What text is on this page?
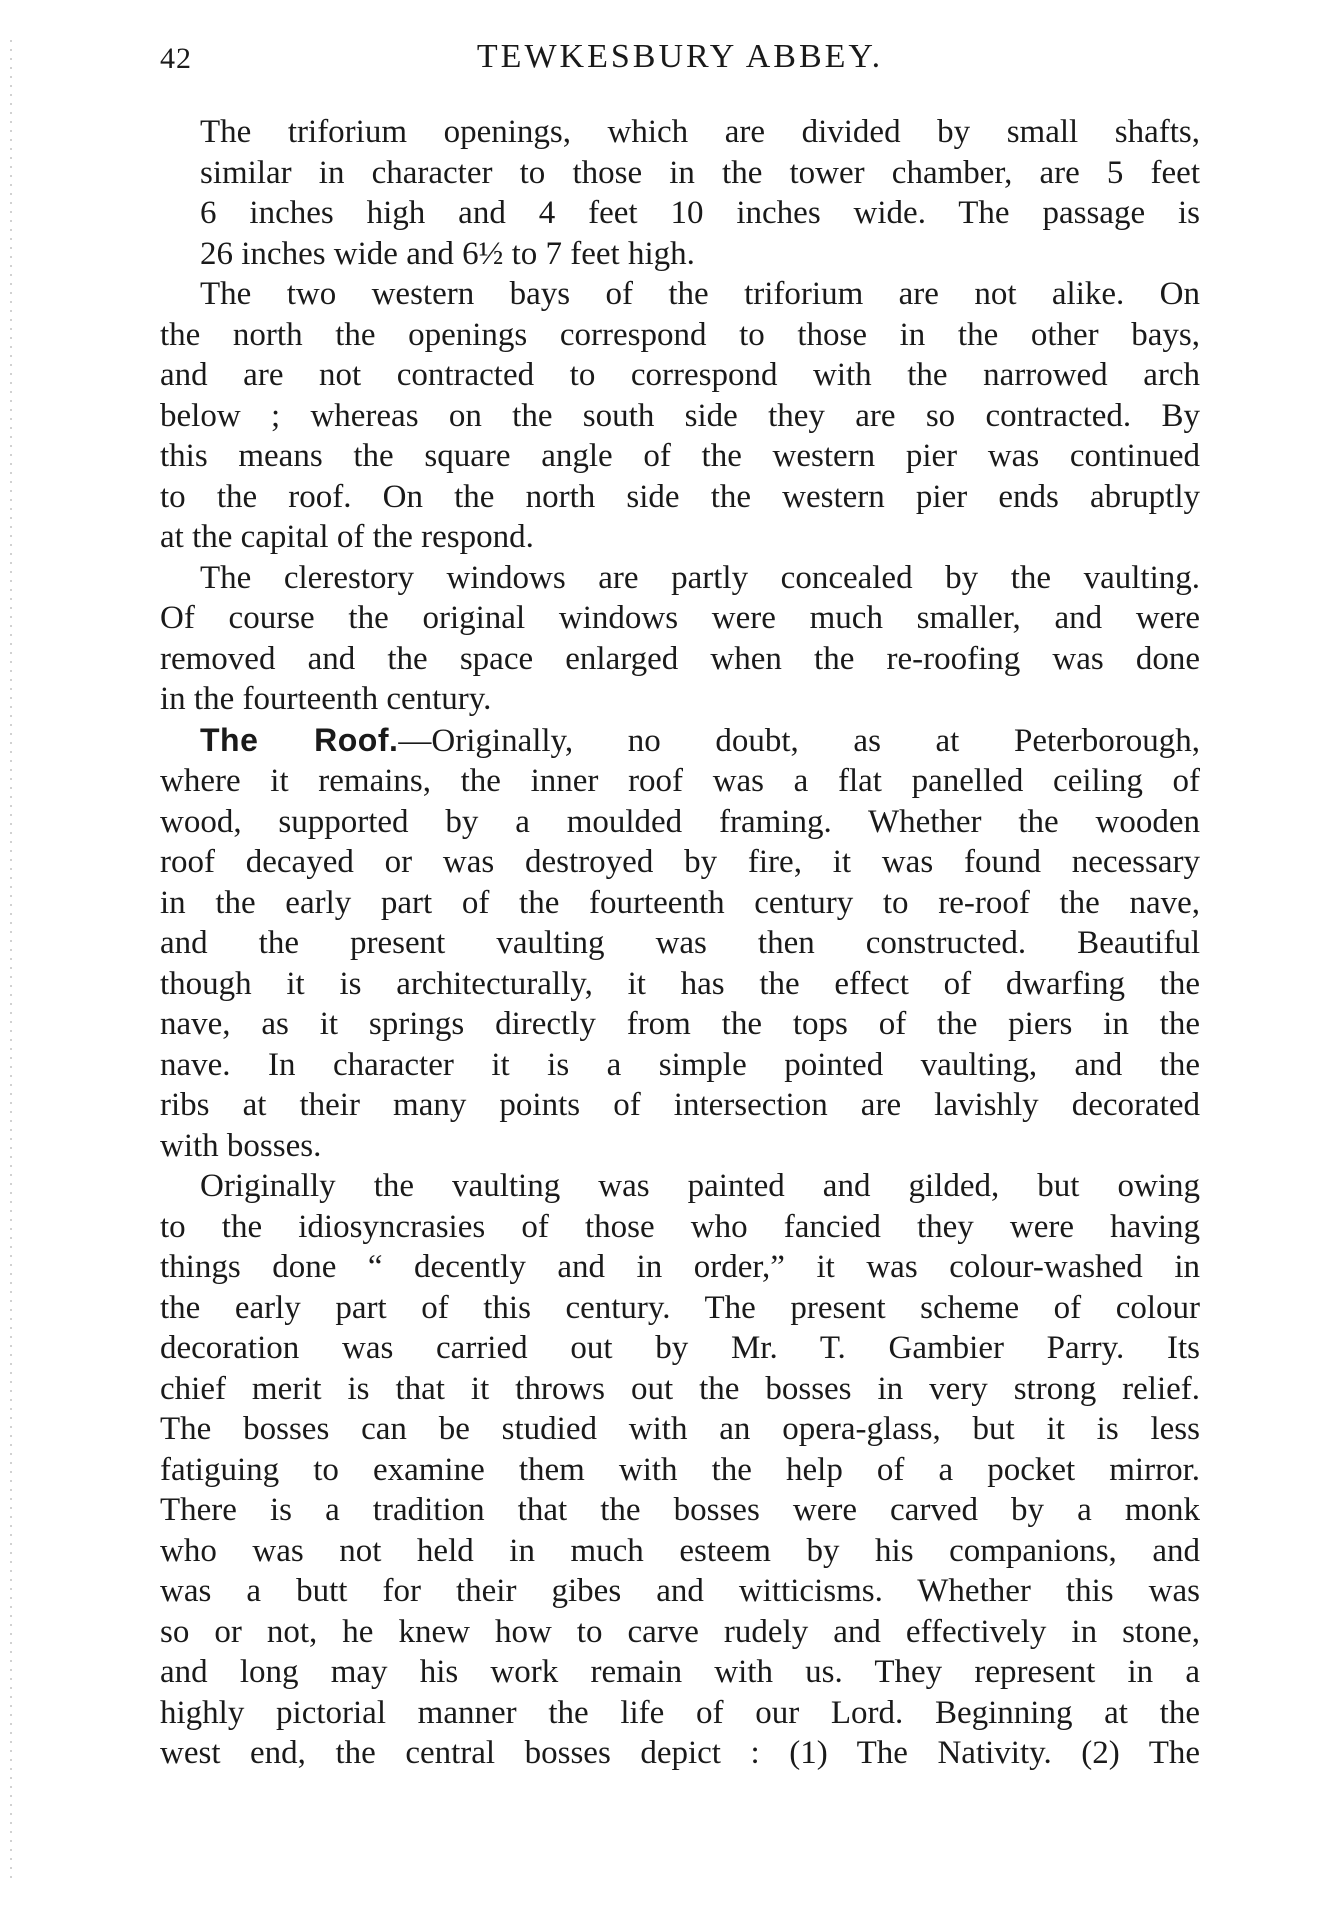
42	TEWKESBURY ABBEY.

The triforium openings, which are divided by small shafts,
similar in character to those in the tower chamber, are 5 feet
6 inches high and 4 feet 10 inches wide. The passage is
26 inches wide and 6½ to 7 feet high.

The two western bays of the triforium are not alike. On
the north the openings correspond to those in the other bays,
and are not contracted to correspond with the narrowed arch
below ; whereas on the south side they are so contracted. By
this means the square angle of the western pier was continued
to the roof. On the north side the western pier ends abruptly
at the capital of the respond.

The clerestory windows are partly concealed by the vaulting.
Of course the original windows were much smaller, and were
removed and the space enlarged when the re-roofing was done
in the fourteenth century.

The Roof.—Originally, no doubt, as at Peterborough,
where it remains, the inner roof was a flat panelled ceiling of
wood, supported by a moulded framing. Whether the wooden
roof decayed or was destroyed by fire, it was found necessary
in the early part of the fourteenth century to re-roof the nave,
and the present vaulting was then constructed. Beautiful
though it is architecturally, it has the effect of dwarfing the
nave, as it springs directly from the tops of the piers in the
nave. In character it is a simple pointed vaulting, and the
ribs at their many points of intersection are lavishly decorated
with bosses.

Originally the vaulting was painted and gilded, but owing
to the idiosyncrasies of those who fancied they were having
things done “ decently and in order,” it was colour-washed in
the early part of this century. The present scheme of colour
decoration was carried out by Mr. T. Gambier Parry. Its
chief merit is that it throws out the bosses in very strong relief.
The bosses can be studied with an opera-glass, but it is less
fatiguing to examine them with the help of a pocket mirror.
There is a tradition that the bosses were carved by a monk
who was not held in much esteem by his companions, and
was a butt for their gibes and witticisms. Whether this was
so or not, he knew how to carve rudely and effectively in stone,
and long may his work remain with us. They represent in a
highly pictorial manner the life of our Lord. Beginning at the
west end, the central bosses depict : (1) The Nativity. (2) The
